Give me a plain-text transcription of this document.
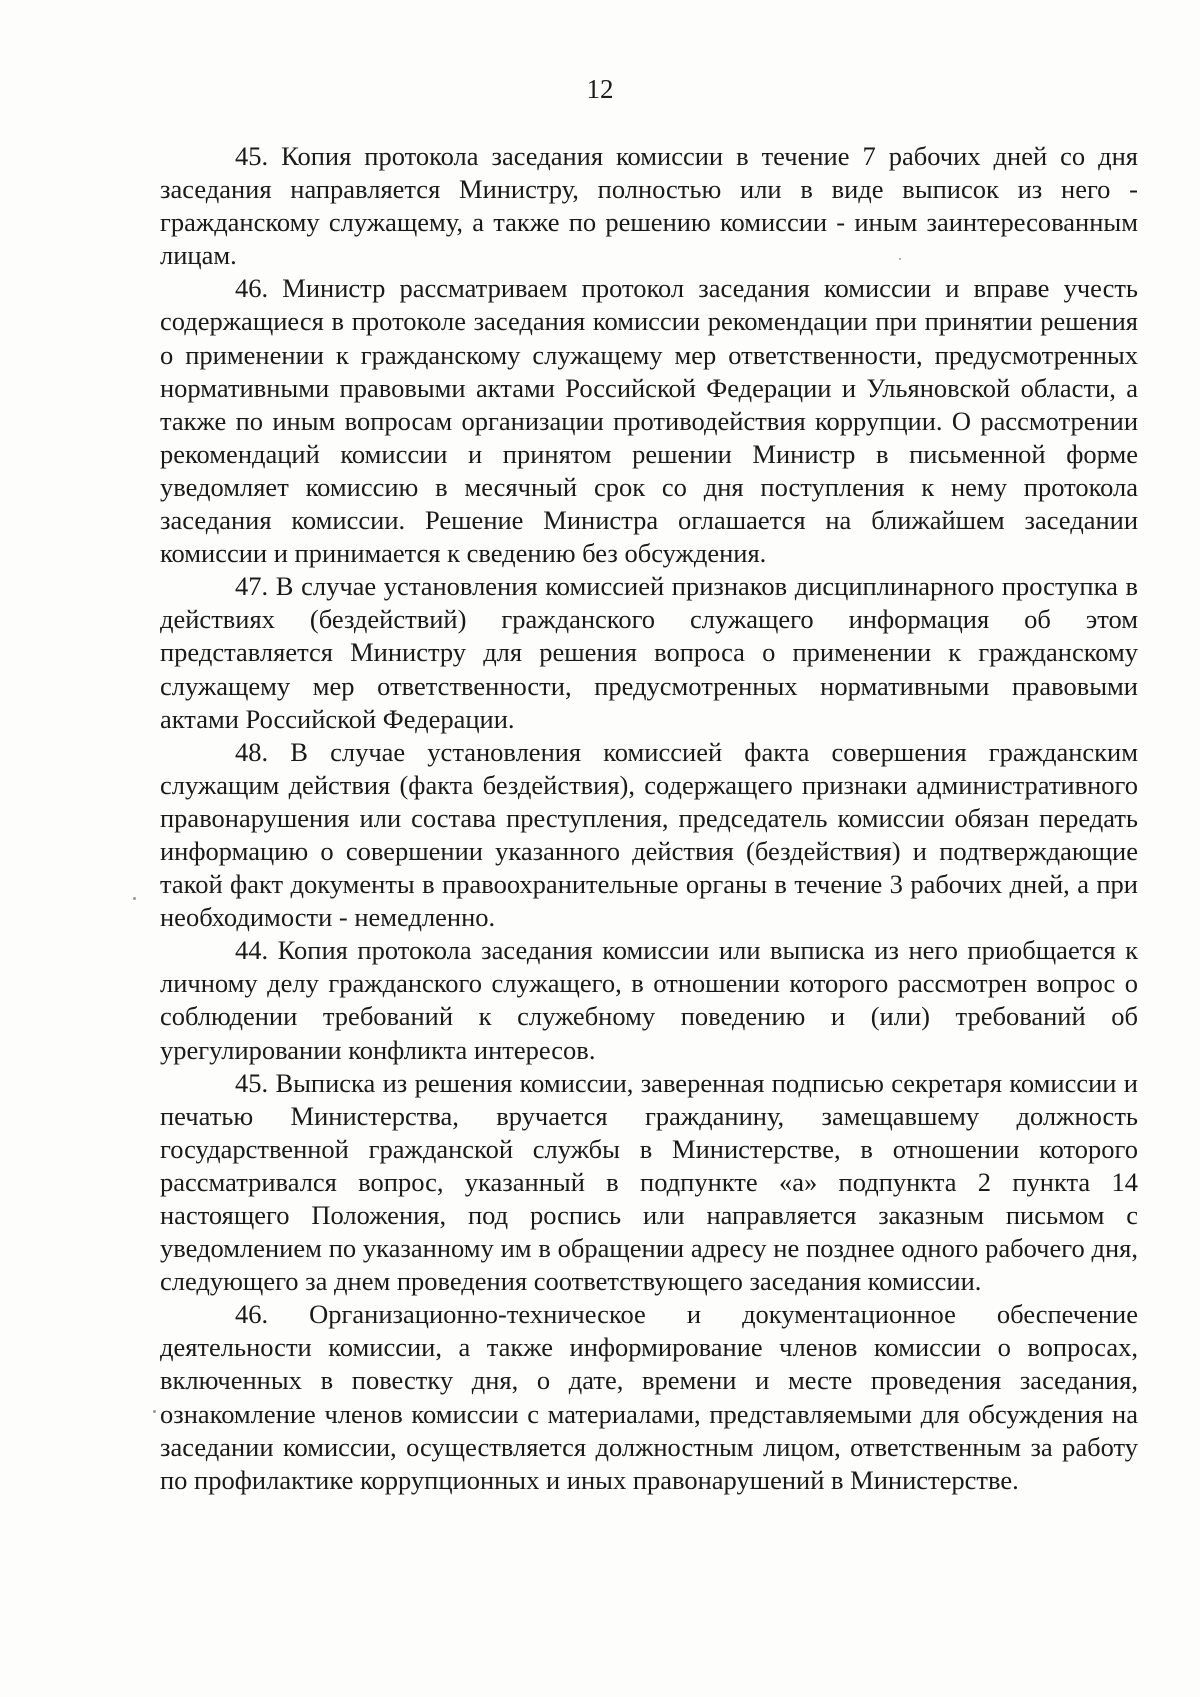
12

45. Копия протокола заседания комиссии в течение 7 рабочих дней со дня заседания направляется Министру, полностью или в виде выписок из него - гражданскому служащему, а также по решению комиссии - иным заинтересованным лицам.

46. Министр рассматриваем протокол заседания комиссии и вправе учесть содержащиеся в протоколе заседания комиссии рекомендации при принятии решения о применении к гражданскому служащему мер ответственности, предусмотренных нормативными правовыми актами Российской Федерации и Ульяновской области, а также по иным вопросам организации противодействия коррупции. О рассмотрении рекомендаций комиссии и принятом решении Министр в письменной форме уведомляет комиссию в месячный срок со дня поступления к нему протокола заседания комиссии. Решение Министра оглашается на ближайшем заседании комиссии и принимается к сведению без обсуждения.

47. В случае установления комиссией признаков дисциплинарного проступка в действиях (бездействий) гражданского служащего информация об этом представляется Министру для решения вопроса о применении к гражданскому служащему мер ответственности, предусмотренных нормативными правовыми актами Российской Федерации.

48. В случае установления комиссией факта совершения гражданским служащим действия (факта бездействия), содержащего признаки административного правонарушения или состава преступления, председатель комиссии обязан передать информацию о совершении указанного действия (бездействия) и подтверждающие такой факт документы в правоохранительные органы в течение 3 рабочих дней, а при необходимости - немедленно.

44. Копия протокола заседания комиссии или выписка из него приобщается к личному делу гражданского служащего, в отношении которого рассмотрен вопрос о соблюдении требований к служебному поведению и (или) требований об урегулировании конфликта интересов.

45. Выписка из решения комиссии, заверенная подписью секретаря комиссии и печатью Министерства, вручается гражданину, замещавшему должность государственной гражданской службы в Министерстве, в отношении которого рассматривался вопрос, указанный в подпункте «а» подпункта 2 пункта 14 настоящего Положения, под роспись или направляется заказным письмом с уведомлением по указанному им в обращении адресу не позднее одного рабочего дня, следующего за днем проведения соответствующего заседания комиссии.

46. Организационно-техническое и документационное обеспечение деятельности комиссии, а также информирование членов комиссии о вопросах, включенных в повестку дня, о дате, времени и месте проведения заседания, ознакомление членов комиссии с материалами, представляемыми для обсуждения на заседании комиссии, осуществляется должностным лицом, ответственным за работу по профилактике коррупционных и иных правонарушений в Министерстве.
